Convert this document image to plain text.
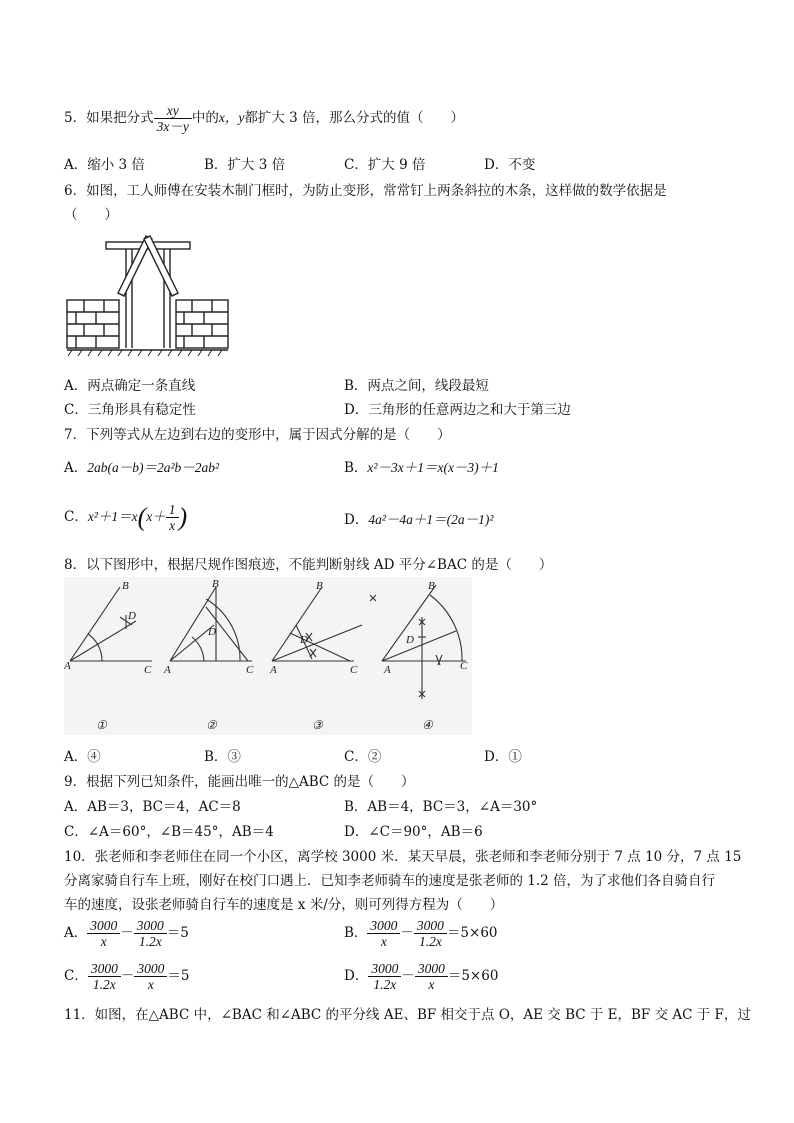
5．如果把分式 $\frac{xy}{3x-y}$ 中的x，y都扩大 3 倍，那么分式的值（　　）
A．缩小 3 倍	B．扩大 3 倍	C．扩大 9 倍	D．不变
6．如图，工人师傅在安装木制门框时，为防止变形，常常钉上两条斜拉的木条，这样做的数学依据是
（　　）
A．两点确定一条直线	B．两点之间，线段最短
C．三角形具有稳定性	D．三角形的任意两边之和大于第三边
7．下列等式从左边到右边的变形中，属于因式分解的是（　　）
A．2ab(a－b)＝2a²b－2ab²	B．x²－3x＋1＝x(x－3)＋1
C．$x^2+1=x(x+ \frac{1}{x}$ )	D．4a²－4a＋1＝(2a－1)²
8．以下图形中，根据尺规作图痕迹，不能判断射线 AD 平分∠BAC 的是（　　）
A
B
C
D
A
B
C
D
A
B
C
D
A
B
C
D
①	②	③	④
A．④	B．③	C．②	D．①
9．根据下列已知条件，能画出唯一的△ABC 的是（　　）
A．AB＝3，BC＝4，AC＝8	B．AB＝4，BC＝3，∠A＝30°
C．∠A＝60°，∠B＝45°，AB＝4	D．∠C＝90°，AB＝6
10．张老师和李老师住在同一个小区，离学校 3000 米．某天早晨，张老师和李老师分别于 7 点 10 分，7 点 15
分离家骑自行车上班，刚好在校门口遇上．已知李老师骑车的速度是张老师的 1.2 倍，为了求他们各自骑自行
车的速度，设张老师骑自行车的速度是 x 米/分，则可列得方程为（　　）
A． $\frac{3000}{x} - \frac{3000}{1.2x} =5$	B． $\frac{3000}{x} - \frac{3000}{1.2x} =5\times 60$
C． $\frac{3000}{1.2x} - \frac{3000}{x} =5$	D． $\frac{3000}{1.2x} - \frac{3000}{x} =5\times 60$
11．如图，在△ABC 中，∠BAC 和∠ABC 的平分线 AE、BF 相交于点 O，AE 交 BC 于 E，BF 交 AC 于 F，过
